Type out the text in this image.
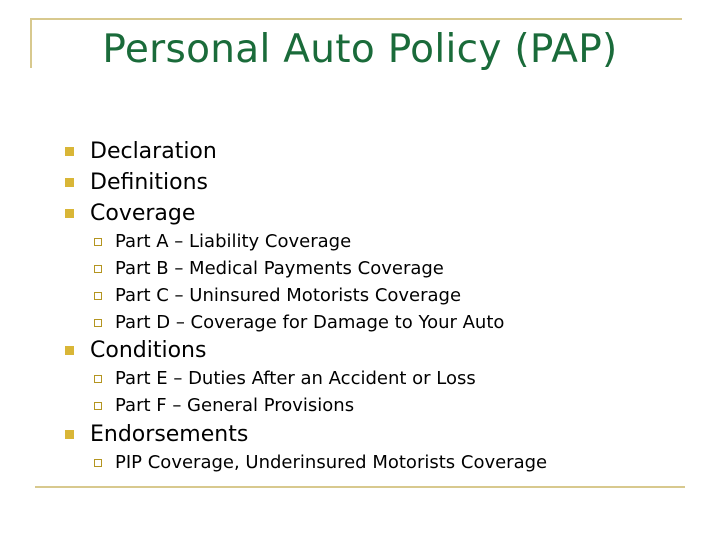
Personal Auto Policy (PAP)
Declaration
Definitions
Coverage
Part A – Liability Coverage
Part B – Medical Payments Coverage
Part C – Uninsured Motorists Coverage
Part D – Coverage for Damage to Your Auto
Conditions
Part E – Duties After an Accident or Loss
Part F – General Provisions
Endorsements
PIP Coverage, Underinsured Motorists Coverage
